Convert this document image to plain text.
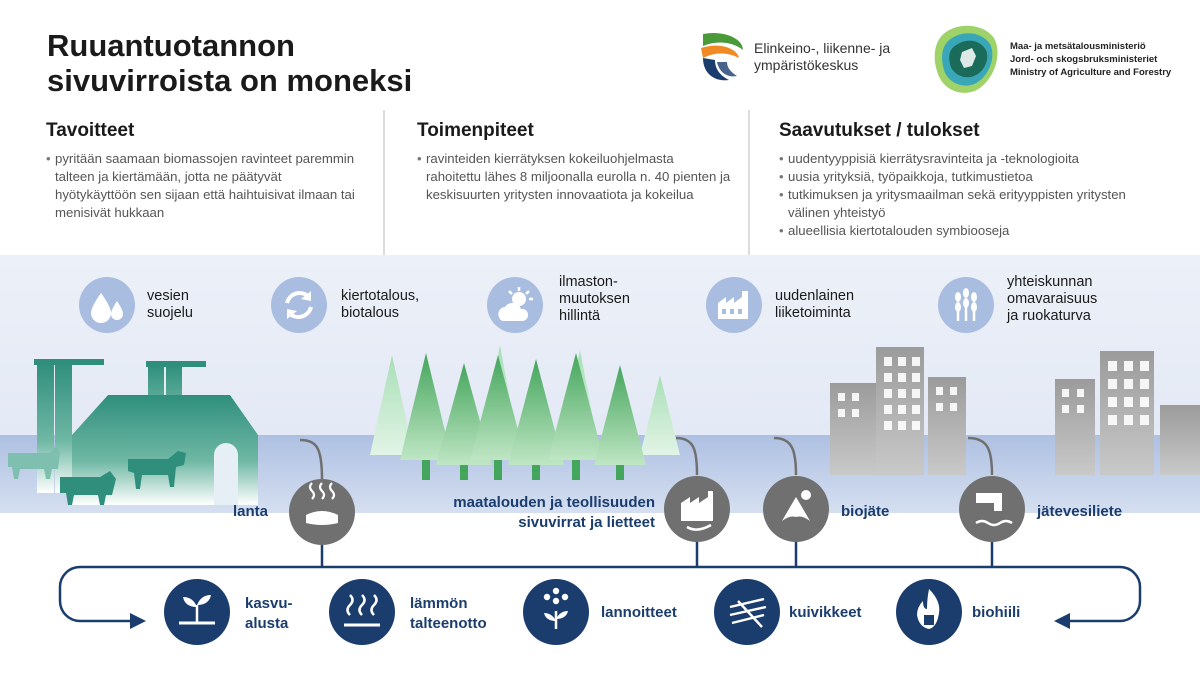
Ruuantuotannon
sivuvirroista on moneksi
Elinkeino-, liikenne- ja
ympäristökeskus
Maa- ja metsätalousministeriö
Jord- och skogsbruksministeriet
Ministry of Agriculture and Forestry
Tavoitteet
• pyritään saamaan biomassojen ravinteet paremmin talteen ja kiertämään, jotta ne päätyvät hyötykäyttöön sen sijaan että haihtuisivat ilmaan tai menisivät hukkaan
Toimenpiteet
• ravinteiden kierrätyksen kokeiluohjelmasta rahoitettu lähes 8 miljoonalla eurolla n. 40 pienten ja keskisuurten yritysten innovaatiota ja kokeilua
Saavutukset / tulokset
• uudentyyppisiä kierrätysravinteita ja -teknologioita
• uusia yrityksiä, työpaikkoja, tutkimustietoa
• tutkimuksen ja yritysmaailman sekä erityyppisten yritysten välinen yhteistyö
• alueellisia kiertotalouden symbiooseja
vesien
suojelu
kiertotalous,
biotalous
ilmaston-
muutoksen
hillintä
uudenlainen
liiketoiminta
yhteiskunnan
omavaraisuus
ja ruokaturva
lanta
maatalouden ja teollisuuden
sivuvirrat ja lietteet
biojäte	jätevesiliete
kasvu-
alusta
lämmön
talteenotto
lannoitteet	kuivikkeet	biohiili
